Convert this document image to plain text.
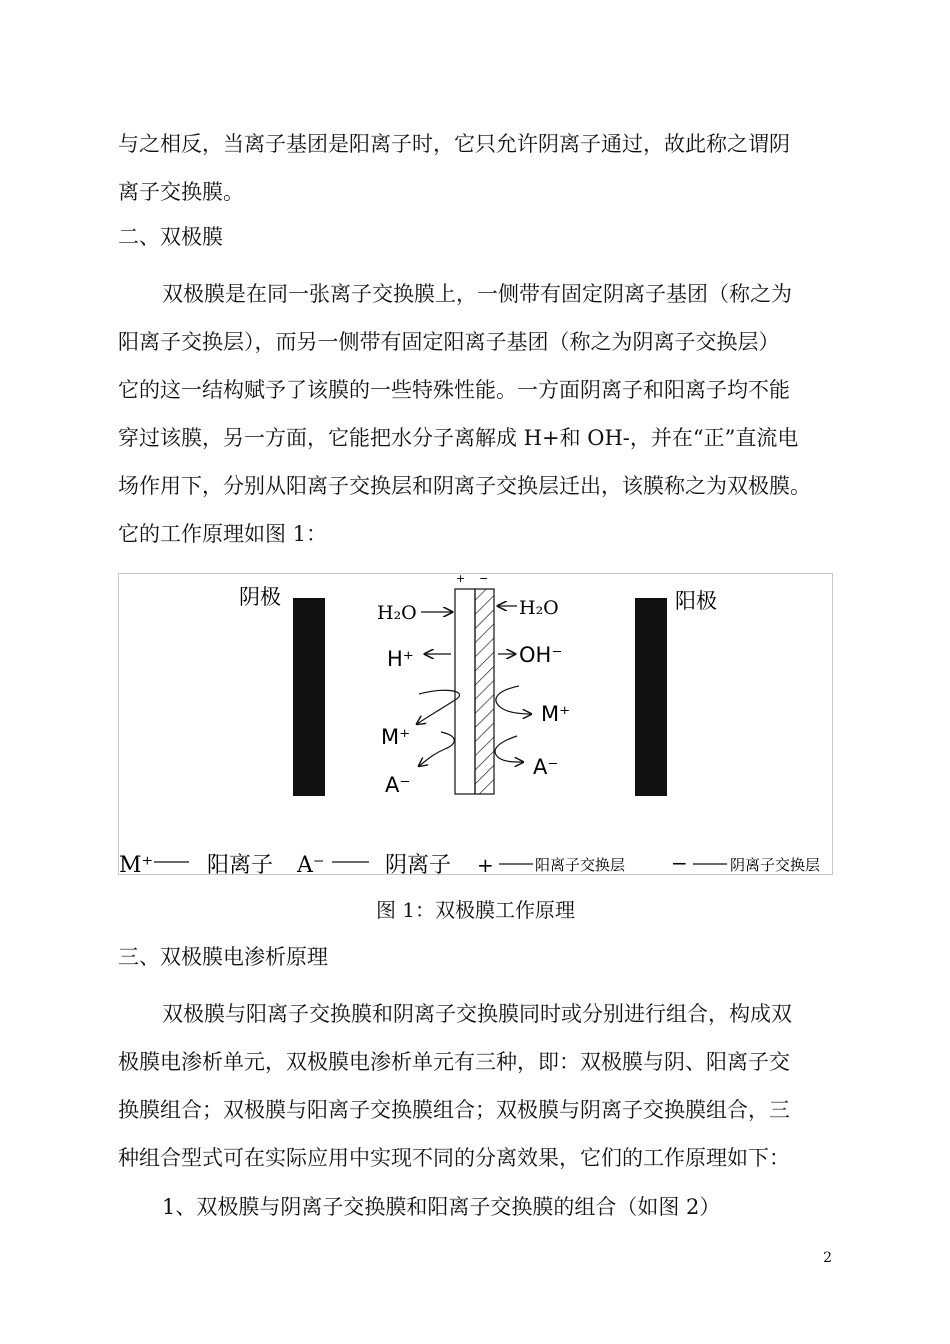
与之相反，当离子基团是阳离子时，它只允许阴离子通过，故此称之谓阴
离子交换膜。
二、双极膜
双极膜是在同一张离子交换膜上，一侧带有固定阴离子基团（称之为
阳离子交换层），而另一侧带有固定阳离子基团（称之为阴离子交换层）
它的这一结构赋予了该膜的一些特殊性能。一方面阴离子和阳离子均不能
穿过该膜，另一方面，它能把水分子离解成 H+和 OH-，并在“正”直流电
场作用下，分别从阳离子交换层和阴离子交换层迁出，该膜称之为双极膜。
它的工作原理如图 1：
阴极	阳极
+ −
H₂O	H₂O
H⁺	OH⁻
M⁺
M⁺
A⁻
A⁻
M⁺ 阳离子 A⁻	阴离子 +	阳离子交换层 −	阴离子交换层
图 1：双极膜工作原理
三、双极膜电渗析原理
双极膜与阳离子交换膜和阴离子交换膜同时或分别进行组合，构成双
极膜电渗析单元，双极膜电渗析单元有三种，即：双极膜与阴、阳离子交
换膜组合；双极膜与阳离子交换膜组合；双极膜与阴离子交换膜组合，三
种组合型式可在实际应用中实现不同的分离效果，它们的工作原理如下：
1、双极膜与阴离子交换膜和阳离子交换膜的组合（如图 2）
2
